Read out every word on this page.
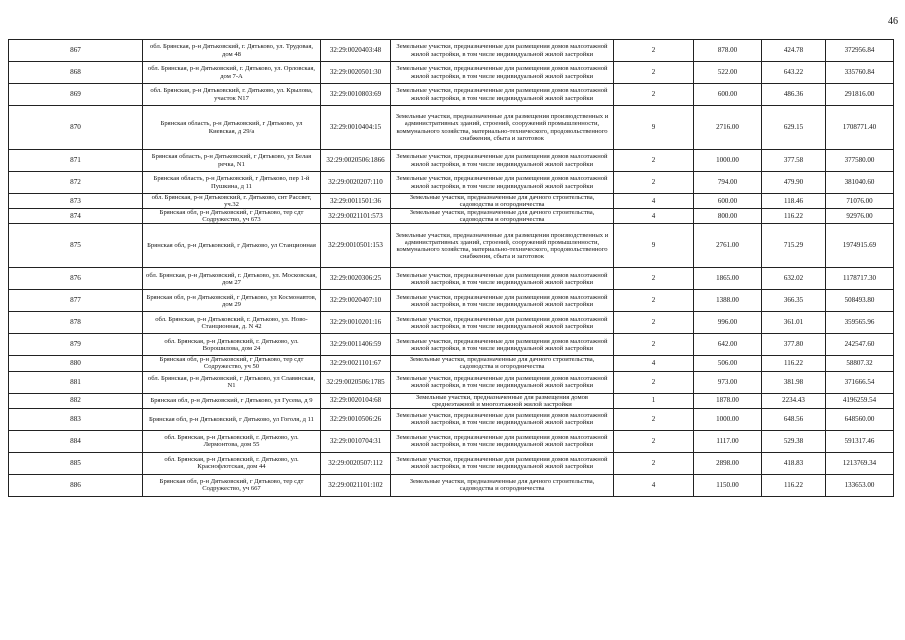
46
867	обл. Брянская, р-н Дятьковский, г. Дятьково, ул. Трудовая, дом 48	32:29:0020403:48	Земельные участки, предназначенные для размещения домов малоэтажной жилой застройки, в том числе индивидуальной жилой застройки	2	878.00	424.78	372956.84
868	обл. Брянская, р-н Дятьковский, г. Дятьково, ул. Орловская, дом 7-А	32:29:0020501:30	Земельные участки, предназначенные для размещения домов малоэтажной жилой застройки, в том числе индивидуальной жилой застройки	2	522.00	643.22	335760.84
869	обл. Брянская, р-н Дятьковский, г. Дятьково, ул. Крылова, участок N17	32:29:0010803:69	Земельные участки, предназначенные для размещения домов малоэтажной жилой застройки, в том числе индивидуальной жилой застройки	2	600.00	486.36	291816.00
870	Брянская область, р-н Дятьковский, г Дятьково, ул Киевская, д 29/а	32:29:0010404:15	Земельные участки, предназначенные для размещения производственных и административных зданий, строений, сооружений промышленности, коммунального хозяйства, материально-технического, продовольственного снабжения, сбыта и заготовок	9	2716.00	629.15	1708771.40
871	Брянская область, р-н Дятьковский, г Дятьково, ул Белая речка, N1	32:29:0020506:1866	Земельные участки, предназначенные для размещения домов малоэтажной жилой застройки, в том числе индивидуальной жилой застройки	2	1000.00	377.58	377580.00
872	Брянская область, р-н Дятьковский, г Дятьково, пер 1-й Пушкина, д 11	32:29:0020207:110	Земельные участки, предназначенные для размещения домов малоэтажной жилой застройки, в том числе индивидуальной жилой застройки	2	794.00	479.90	381040.60
873	обл. Брянская, р-н Дятьковский, г. Дятьково, снт Рассвет, уч.32	32:29:0011501:36	Земельные участки, предназначенные для дачного строительства, садоводства и огородничества	4	600.00	118.46	71076.00
874	Брянская обл, р-н Дятьковский, г Дятьково, тер сдт Содружество, уч 673	32:29:0021101:573	Земельные участки, предназначенные для дачного строительства, садоводства и огородничества	4	800.00	116.22	92976.00
875	Брянская обл, р-н Дятьковский, г Дятьково, ул Станционная	32:29:0010501:153	Земельные участки, предназначенные для размещения производственных и административных зданий, строений, сооружений промышленности, коммунального хозяйства, материально-технического, продовольственного снабжения, сбыта и заготовок	9	2761.00	715.29	1974915.69
876	обл. Брянская, р-н Дятьковский, г. Дятьково, ул. Московская, дом 27	32:29:0020306:25	Земельные участки, предназначенные для размещения домов малоэтажной жилой застройки, в том числе индивидуальной жилой застройки	2	1865.00	632.02	1178717.30
877	Брянская обл, р-н Дятьковский, г Дятьково, ул Космонавтов, дом 29	32:29:0020407:10	Земельные участки, предназначенные для размещения домов малоэтажной жилой застройки, в том числе индивидуальной жилой застройки	2	1388.00	366.35	508493.80
878	обл. Брянская, р-н Дятьковский, г. Дятьково, ул. Ново-Станционная, д. N 42	32:29:0010201:16	Земельные участки, предназначенные для размещения домов малоэтажной жилой застройки, в том числе индивидуальной жилой застройки	2	996.00	361.01	359565.96
879	обл. Брянская, р-н Дятьковский, г. Дятьково, ул. Ворошилова, дом 24	32:29:0011406:59	Земельные участки, предназначенные для размещения домов малоэтажной жилой застройки, в том числе индивидуальной жилой застройки	2	642.00	377.80	242547.60
880	Брянская обл, р-н Дятьковский, г Дятьково, тер сдт Содружество, уч 50	32:29:0021101:67	Земельные участки, предназначенные для дачного строительства, садоводства и огородничества	4	506.00	116.22	58807.32
881	обл. Брянская, р-н Дятьковский, г Дятьково, ул Славянская, N1	32:29:0020506:1785	Земельные участки, предназначенные для размещения домов малоэтажной жилой застройки, в том числе индивидуальной жилой застройки	2	973.00	381.98	371666.54
882	Брянская обл, р-н Дятьковский, г Дятьково, ул Гусева, д 9	32:29:0020104:68	Земельные участки, предназначенные для размещения домов среднеэтажной и многоэтажной жилой застройки	1	1878.00	2234.43	4196259.54
883	Брянская обл, р-н Дятьковский, г Дятьково, ул Гоголя, д 11	32:29:0010506:26	Земельные участки, предназначенные для размещения домов малоэтажной жилой застройки, в том числе индивидуальной жилой застройки	2	1000.00	648.56	648560.00
884	обл. Брянская, р-н Дятьковский, г. Дятьково, ул. Лермонтова, дом 55	32:29:0010704:31	Земельные участки, предназначенные для размещения домов малоэтажной жилой застройки, в том числе индивидуальной жилой застройки	2	1117.00	529.38	591317.46
885	обл. Брянская, р-н Дятьковский, г. Дятьково, ул. Краснофлотская, дом 44	32:29:0020507:112	Земельные участки, предназначенные для размещения домов малоэтажной жилой застройки, в том числе индивидуальной жилой застройки	2	2898.00	418.83	1213769.34
886	Брянская обл, р-н Дятьковский, г Дятьково, тер сдт Содружество, уч 667	32:29:0021101:102	Земельные участки, предназначенные для дачного строительства, садоводства и огородничества	4	1150.00	116.22	133653.00
